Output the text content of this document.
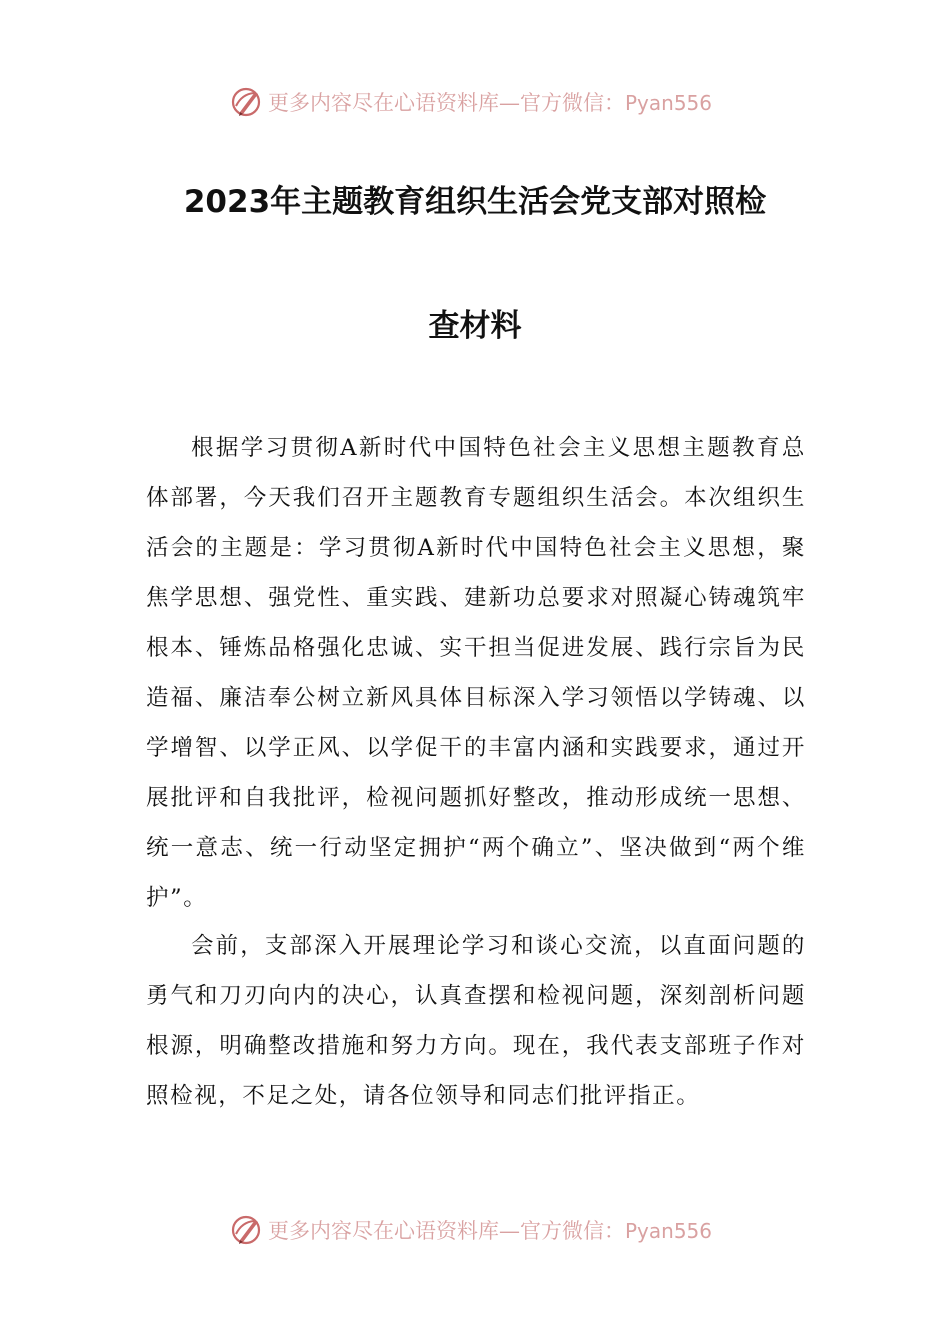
更多内容尽在心语资料库—官方微信：Pyan556
2023年主题教育组织生活会党支部对照检
查材料

根据学习贯彻A新时代中国特色社会主义思想主题教育总体部署，今天我们召开主题教育专题组织生活会。本次组织生活会的主题是：学习贯彻A新时代中国特色社会主义思想，聚焦学思想、强党性、重实践、建新功总要求对照凝心铸魂筑牢根本、锤炼品格强化忠诚、实干担当促进发展、践行宗旨为民造福、廉洁奉公树立新风具体目标深入学习领悟以学铸魂、以学增智、以学正风、以学促干的丰富内涵和实践要求，通过开展批评和自我批评，检视问题抓好整改，推动形成统一思想、统一意志、统一行动坚定拥护“两个确立”、坚决做到“两个维护”。

会前，支部深入开展理论学习和谈心交流，以直面问题的勇气和刀刃向内的决心，认真查摆和检视问题，深刻剖析问题根源，明确整改措施和努力方向。现在，我代表支部班子作对照检视，不足之处，请各位领导和同志们批评指正。

更多内容尽在心语资料库—官方微信：Pyan556
